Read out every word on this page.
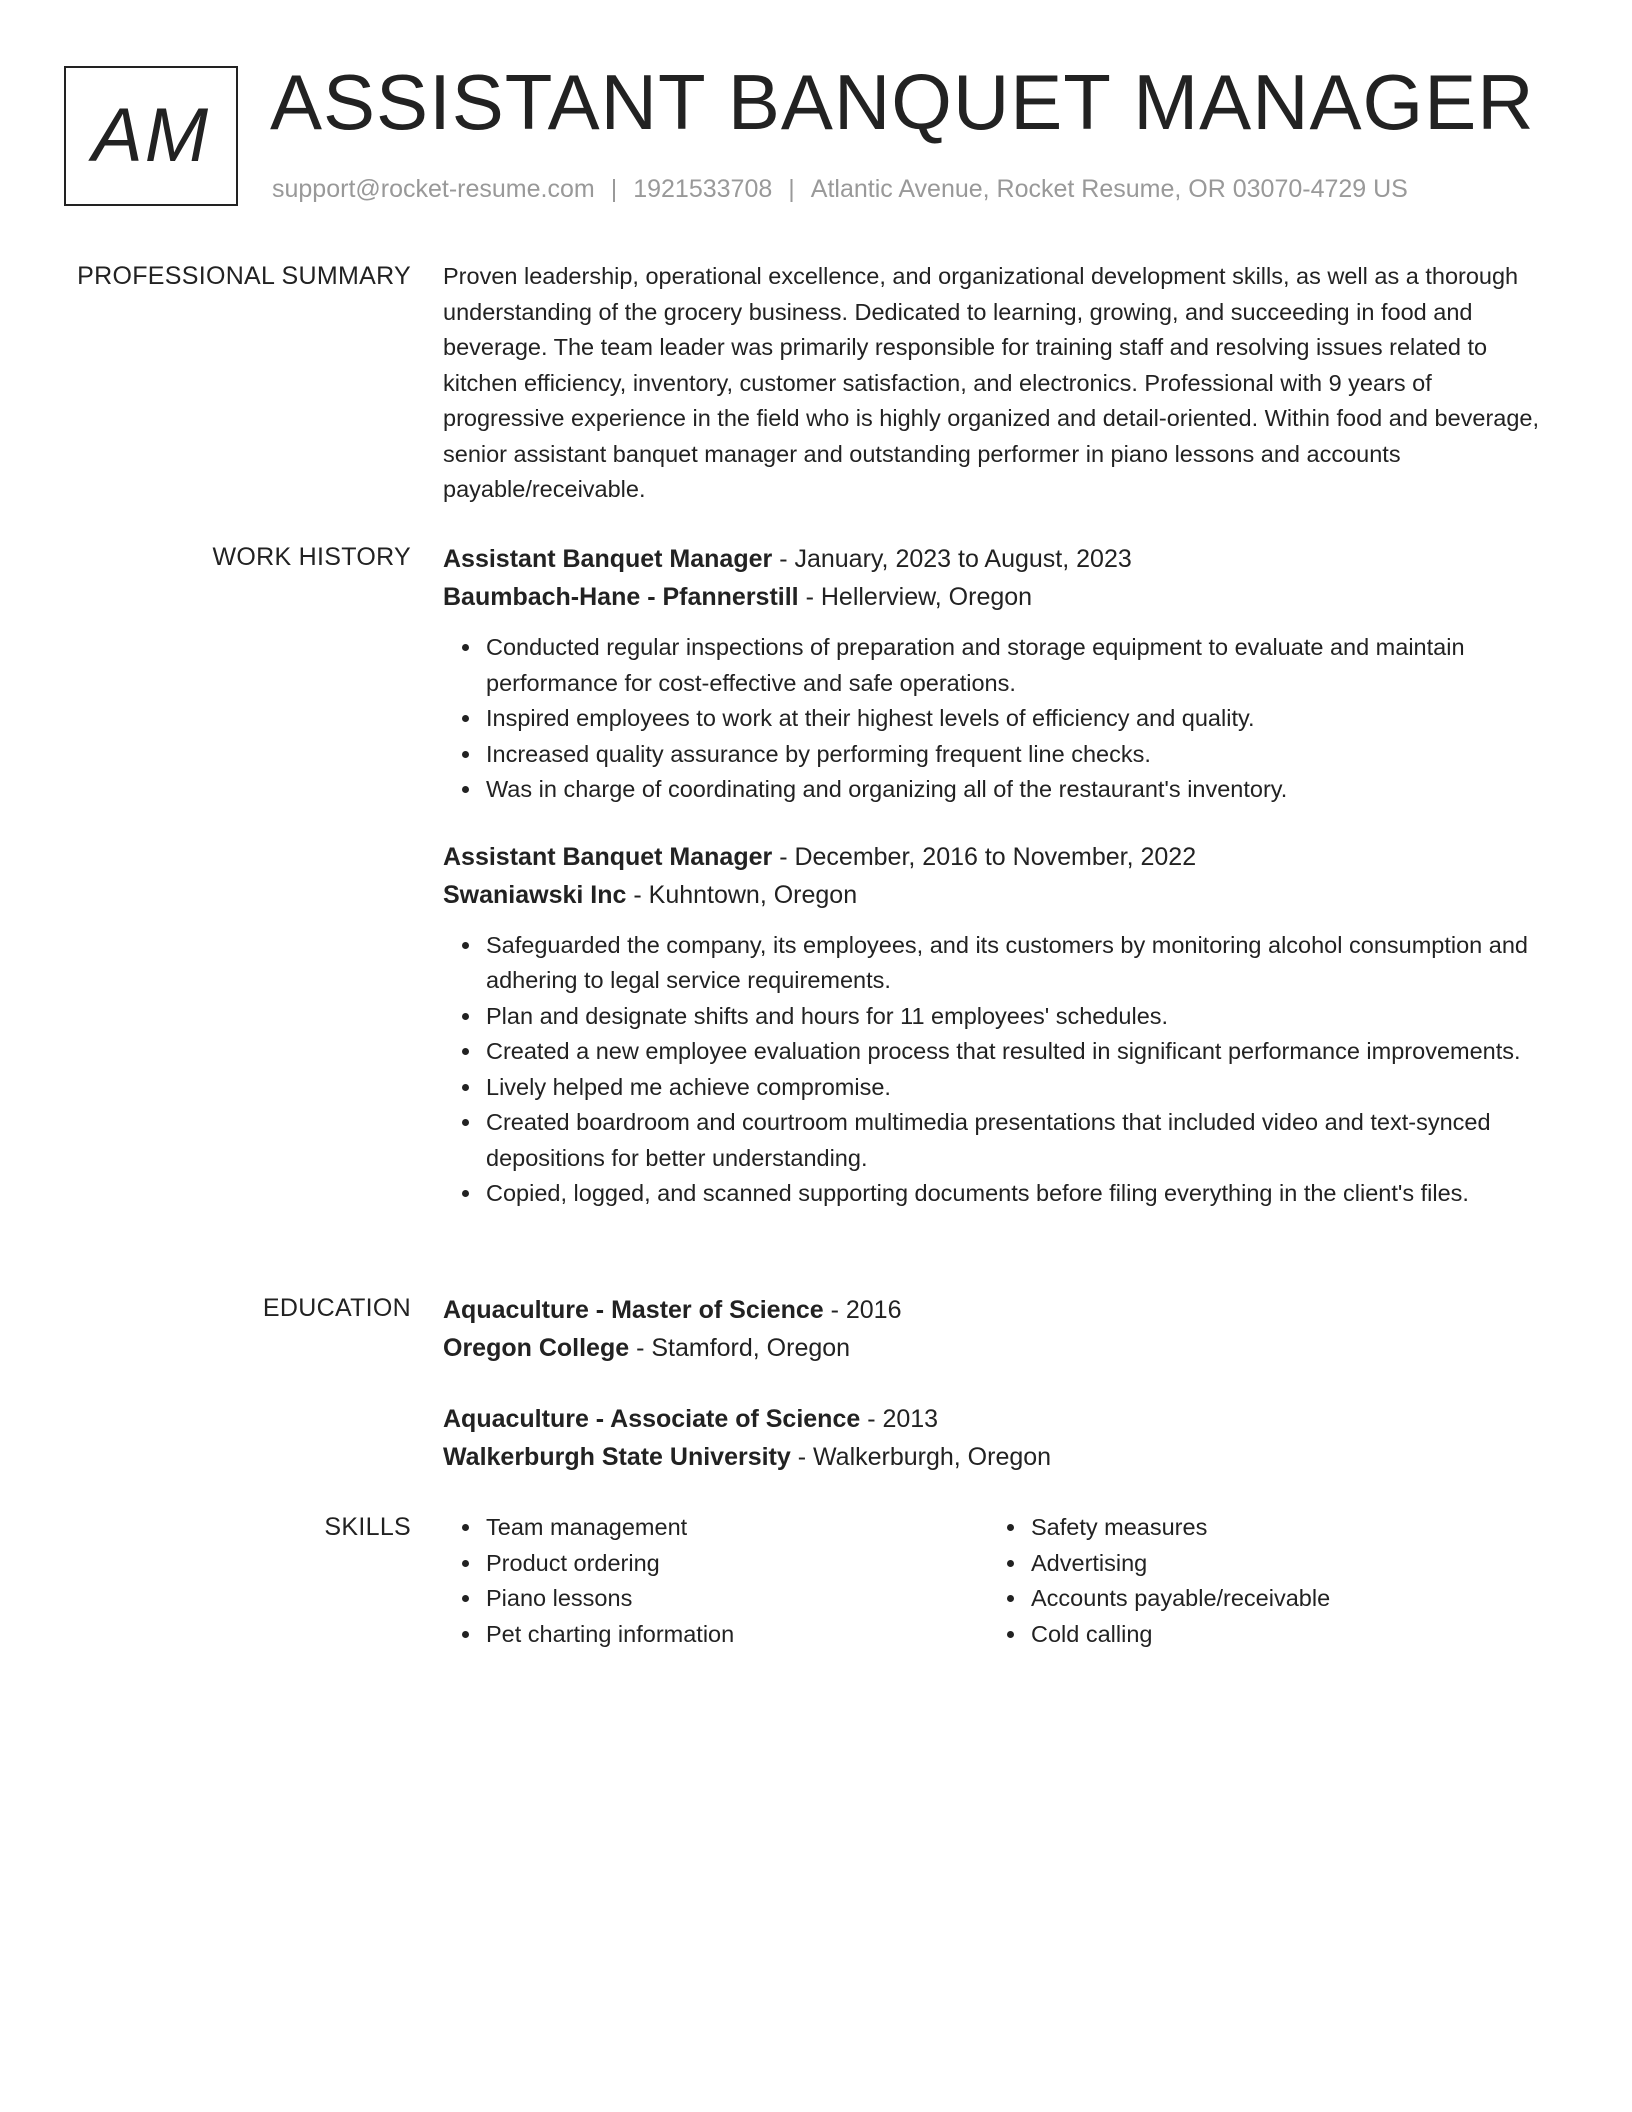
AM ASSISTANT BANQUET MANAGER
support@rocket-resume.com | 1921533708 | Atlantic Avenue, Rocket Resume, OR 03070-4729 US
PROFESSIONAL SUMMARY Proven leadership, operational excellence, and organizational development skills, as well as a thorough understanding of the grocery business. Dedicated to learning, growing, and succeeding in food and beverage. The team leader was primarily responsible for training staff and resolving issues related to kitchen efficiency, inventory, customer satisfaction, and electronics. Professional with 9 years of progressive experience in the field who is highly organized and detail-oriented. Within food and beverage, senior assistant banquet manager and outstanding performer in piano lessons and accounts payable/receivable.

WORK HISTORY Assistant Banquet Manager - January, 2023 to August, 2023

Baumbach-Hane - Pfannerstill - Hellerview, Oregon

Conducted regular inspections of preparation and storage equipment to evaluate and maintain performance for cost-effective and safe operations.
Inspired employees to work at their highest levels of efficiency and quality.
Increased quality assurance by performing frequent line checks.
Was in charge of coordinating and organizing all of the restaurant's inventory.

Assistant Banquet Manager - December, 2016 to November, 2022

Swaniawski Inc - Kuhntown, Oregon

Safeguarded the company, its employees, and its customers by monitoring alcohol consumption and adhering to legal service requirements.
Plan and designate shifts and hours for 11 employees' schedules.
Created a new employee evaluation process that resulted in significant performance improvements.
Lively helped me achieve compromise.
Created boardroom and courtroom multimedia presentations that included video and text-synced depositions for better understanding.
Copied, logged, and scanned supporting documents before filing everything in the client's files.
EDUCATION Aquaculture - Master of Science - 2016

Oregon College - Stamford, Oregon

Aquaculture - Associate of Science - 2013

Walkerburgh State University - Walkerburgh, Oregon

SKILLS	Team management
Product ordering
Piano lessons
Pet charting information
Safety measures
Advertising
Accounts payable/receivable
Cold calling
